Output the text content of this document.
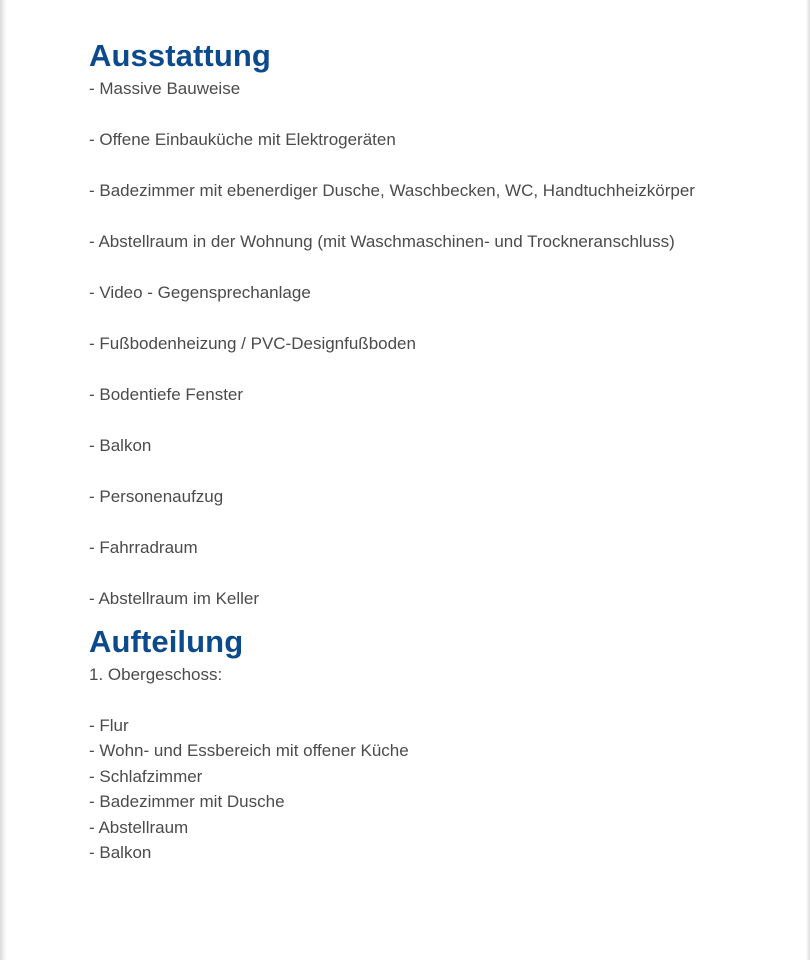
Ausstattung
- Massive Bauweise
- Offene Einbauküche mit Elektrogeräten
- Badezimmer mit ebenerdiger Dusche, Waschbecken, WC, Handtuchheizkörper
- Abstellraum in der Wohnung (mit Waschmaschinen- und Trockneranschluss)
- Video - Gegensprechanlage
- Fußbodenheizung / PVC-Designfußboden
- Bodentiefe Fenster
- Balkon
- Personenaufzug
- Fahrradraum
- Abstellraum im Keller
Aufteilung

1. Obergeschoss:

- Flur
- Wohn- und Essbereich mit offener Küche
- Schlafzimmer
- Badezimmer mit Dusche
- Abstellraum
- Balkon
